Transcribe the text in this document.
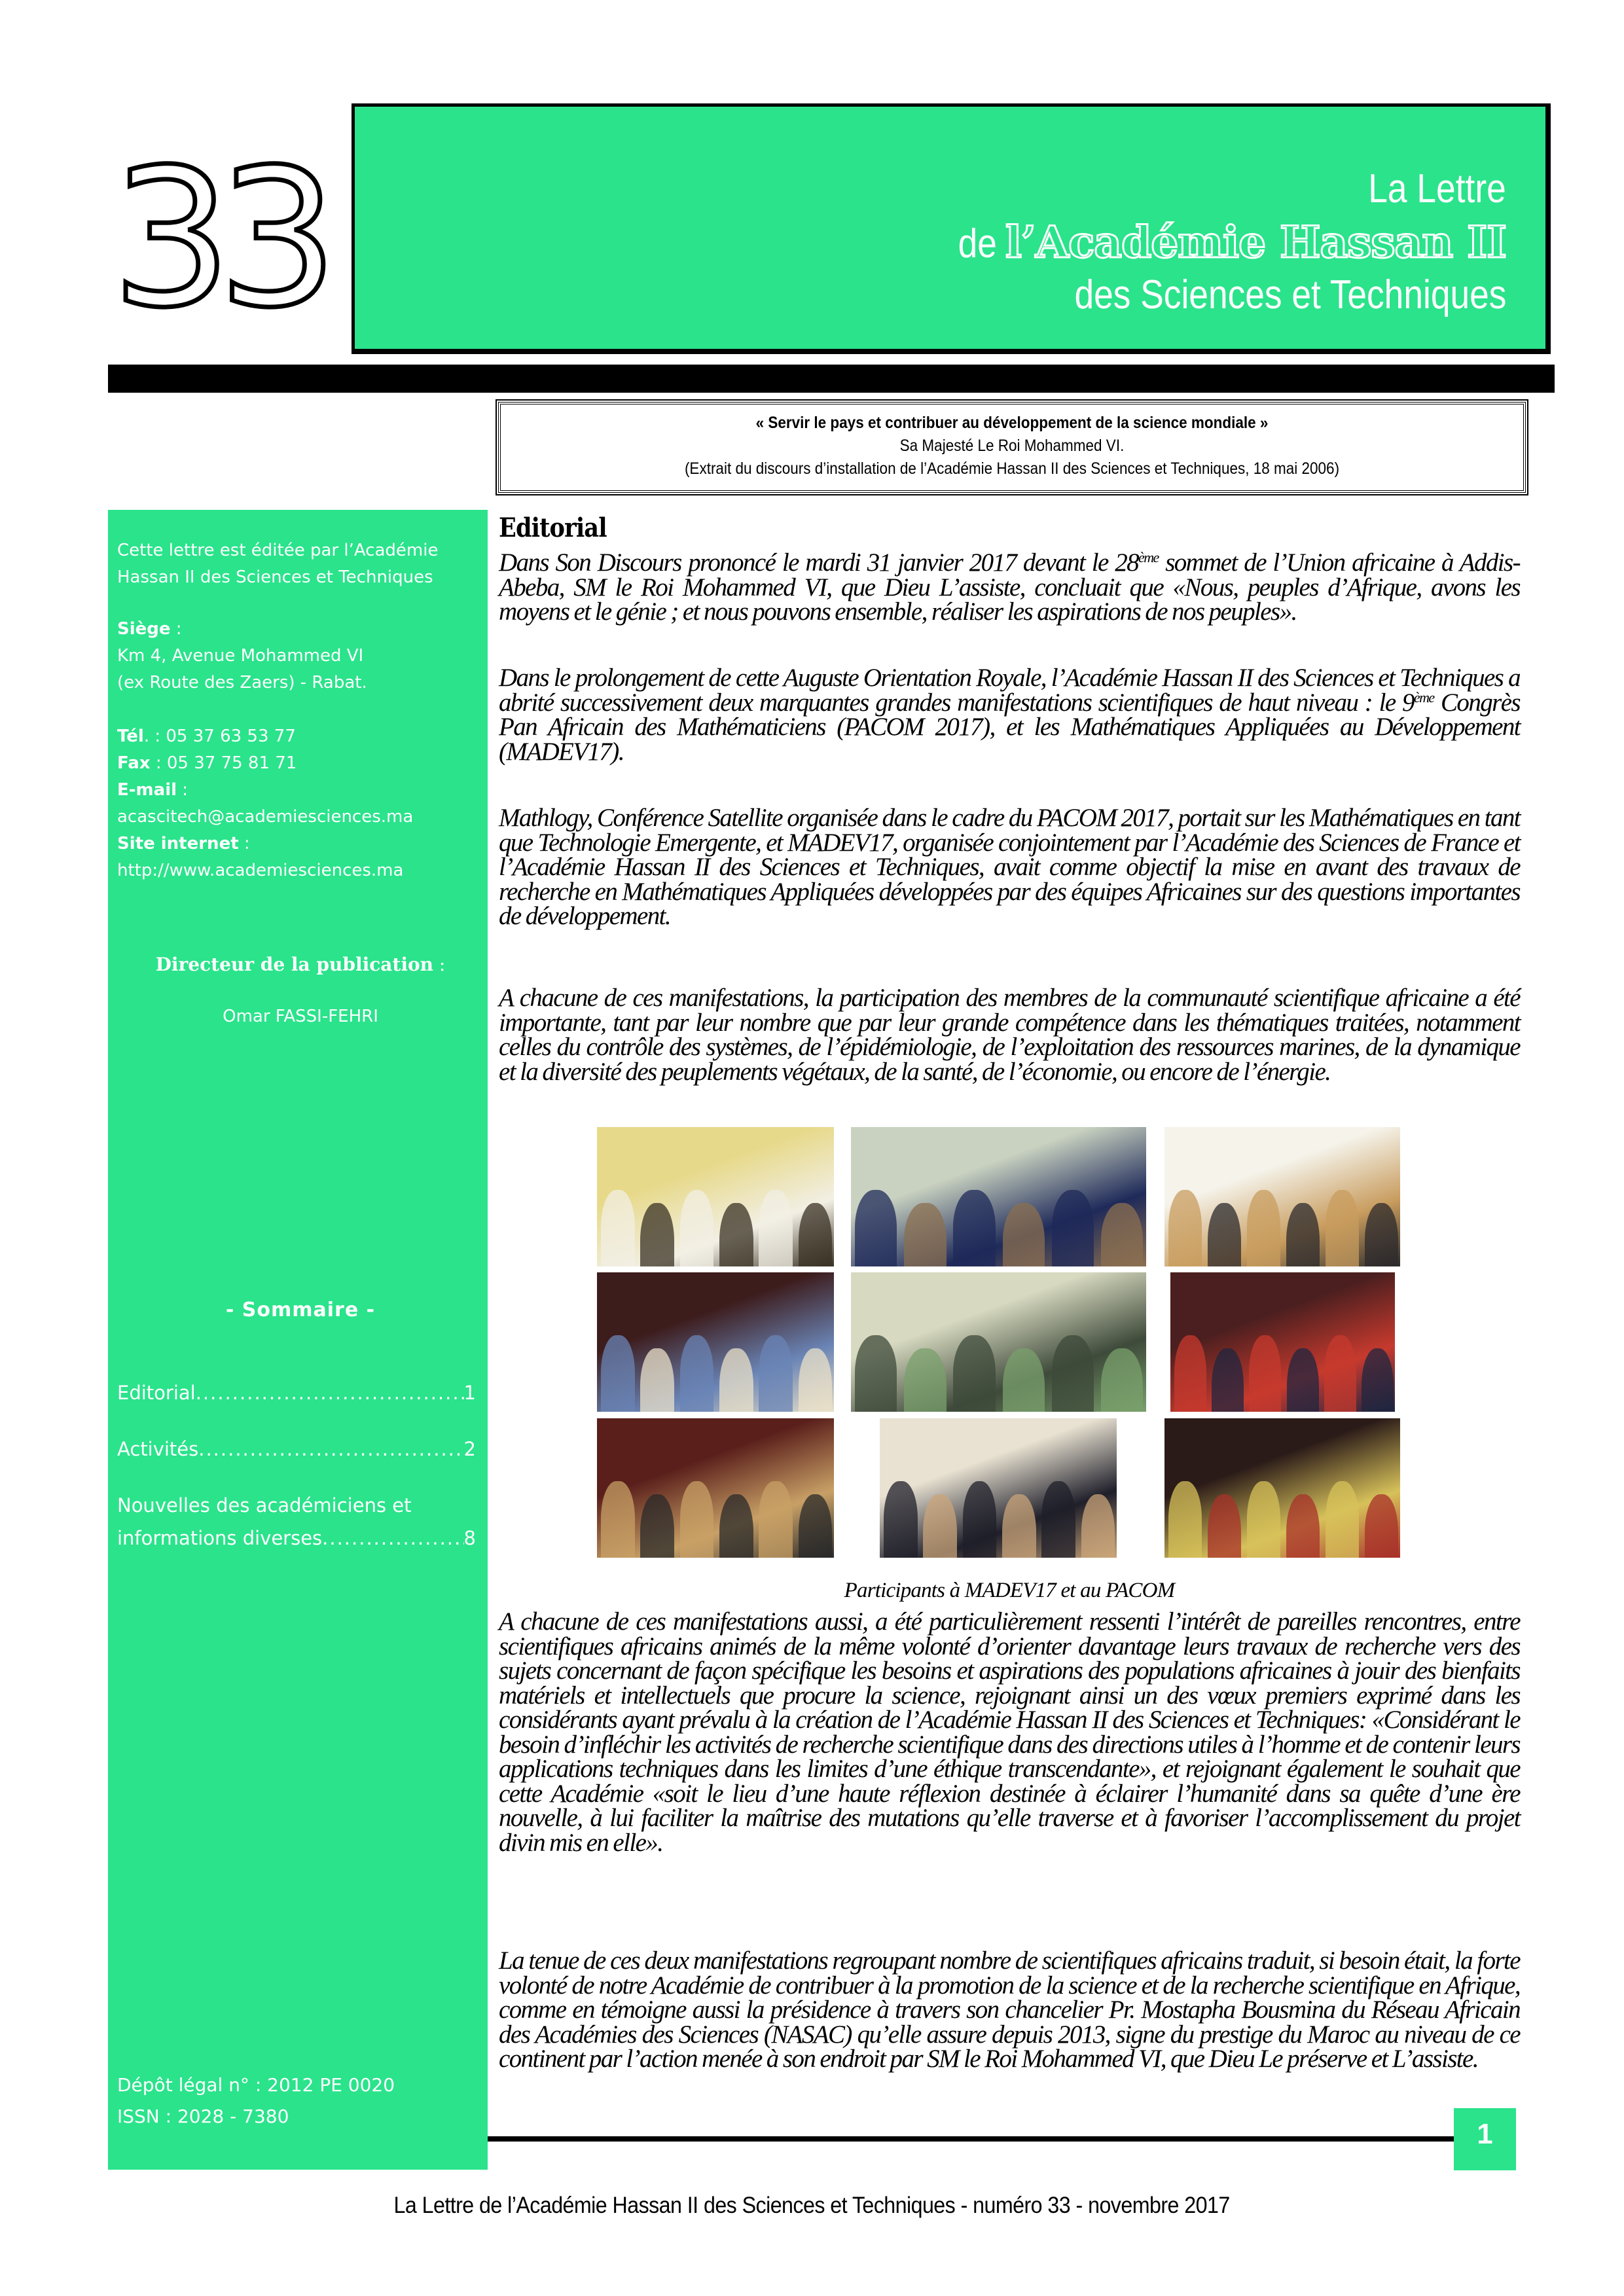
33	La Lettre
de l’Académie Hassan II
des Sciences et Techniques
« Servir le pays et contribuer au développement de la science mondiale »
Sa Majesté Le Roi Mohammed VI.
(Extrait du discours d’installation de l’Académie Hassan II des Sciences et Techniques, 18 mai 2006)
Cette lettre est éditée par l’Académie Hassan II des Sciences et Techniques
Siège :
Km 4, Avenue Mohammed VI
(ex Route des Zaers) - Rabat.
Tél. : 05 37 63 53 77
Fax : 05 37 75 81 71
E-mail :
acascitech@academiesciences.ma
Site internet :
http://www.academiesciences.ma
Directeur de la publication :
Omar FASSI-FEHRI
- Sommaire -
Editorial .....	1
Activités .....	2
Nouvelles des académiciens et
informations diverses .....	8
Dépôt légal n° : 2012 PE 0020
ISSN : 2028 - 7380
Editorial
Dans Son Discours prononcé le mardi 31 janvier 2017 devant le 28ème sommet de l’Union africaine à Addis-Abeba, SM le Roi Mohammed VI, que Dieu L’assiste, concluait que «Nous, peuples d’Afrique, avons les moyens et le génie ; et nous pouvons ensemble, réaliser les aspirations de nos peuples».
Dans le prolongement de cette Auguste Orientation Royale, l’Académie Hassan II des Sciences et Techniques a abrité successivement deux marquantes grandes manifestations scientifiques de haut niveau : le 9ème Congrès Pan Africain des Mathématiciens (PACOM 2017), et les Mathématiques Appliquées au Développement (MADEV17).
Mathlogy, Conférence Satellite organisée dans le cadre du PACOM 2017, portait sur les Mathématiques en tant que Technologie Emergente, et MADEV17, organisée conjointement par l’Académie des Sciences de France et l’Académie Hassan II des Sciences et Techniques, avait comme objectif la mise en avant des travaux de recherche en Mathématiques Appliquées développées par des équipes Africaines sur des questions importantes de développement.
A chacune de ces manifestations, la participation des membres de la communauté scientifique africaine a été importante, tant par leur nombre que par leur grande compétence dans les thématiques traitées, notamment celles du contrôle des systèmes, de l’épidémiologie, de l’exploitation des ressources marines, de la dynamique et la diversité des peuplements végétaux, de la santé, de l’économie, ou encore de l’énergie.
A chacune de ces manifestations aussi, a été particulièrement ressenti l’intérêt de pareilles rencontres, entre scientifiques africains animés de la même volonté d’orienter davantage leurs travaux de recherche vers des sujets concernant de façon spécifique les besoins et aspirations des populations africaines à jouir des bienfaits matériels et intellectuels que procure la science, rejoignant ainsi un des vœux premiers exprimé dans les considérants ayant prévalu à la création de l’Académie Hassan II des Sciences et Techniques: «Considérant le besoin d’infléchir les activités de recherche scientifique dans des directions utiles à l’homme et de contenir leurs applications techniques dans les limites d’une éthique transcendante», et rejoignant également le souhait que cette Académie «soit le lieu d’une haute réflexion destinée à éclairer l’humanité dans sa quête d’une ère nouvelle, à lui faciliter la maîtrise des mutations qu’elle traverse et à favoriser l’accomplissement du projet divin mis en elle».
La tenue de ces deux manifestations regroupant nombre de scientifiques africains traduit, si besoin était, la forte volonté de notre Académie de contribuer à la promotion de la science et de la recherche scientifique en Afrique, comme en témoigne aussi la présidence à travers son chancelier Pr. Mostapha Bousmina du Réseau Africain des Académies des Sciences (NASAC) qu’elle assure depuis 2013, signe du prestige du Maroc au niveau de ce continent par l’action menée à son endroit par SM le Roi Mohammed VI, que Dieu Le préserve et L’assiste.
Participants à MADEV17 et au PACOM
1
La Lettre de l’Académie Hassan II des Sciences et Techniques - numéro 33 - novembre 2017
